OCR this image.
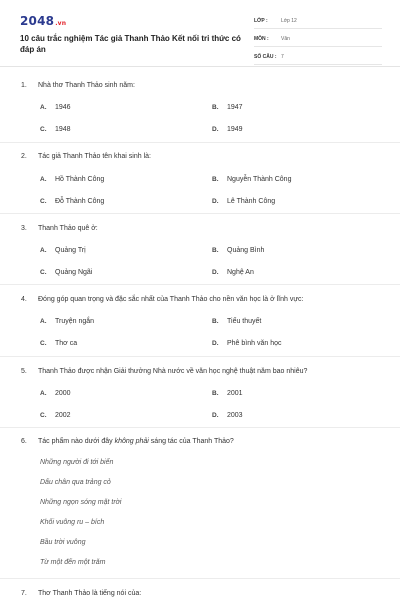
2048.vn
10 câu trắc nghiệm Tác giả Thanh Thảo Kết nối tri thức có đáp án
LỚP :	Lớp 12
MÔN :	Văn
SỐ CÂU : 7
1. Nhà thơ Thanh Thảo sinh năm:
A. 1946	B. 1947
C. 1948	D. 1949
2. Tác giả Thanh Thảo tên khai sinh là:
A. Hồ Thành Công	B. Nguyễn Thành Công
C. Đỗ Thành Công	D. Lê Thành Công
3. Thanh Thảo quê ở:
A. Quảng Trị	B. Quảng Bình
C. Quảng Ngãi	D. Nghệ An
4. Đóng góp quan trọng và đặc sắc nhất của Thanh Thảo cho nền văn học là ở lĩnh vực:
A. Truyện ngắn	B. Tiểu thuyết
C. Thơ ca	D. Phê bình văn học
5. Thanh Thảo được nhận Giải thưởng Nhà nước về văn học nghệ thuật năm bao nhiêu?
A. 2000	B. 2001
C. 2002	D. 2003
6. Tác phẩm nào dưới đây không phải sáng tác của Thanh Thảo?
Những người đi tới biển
Dấu chân qua trảng cỏ
Những ngọn sóng mặt trời
Khối vuông ru – bích
Bầu trời vuông
Từ một đến một trăm
7. Thơ Thanh Thảo là tiếng nói của:
